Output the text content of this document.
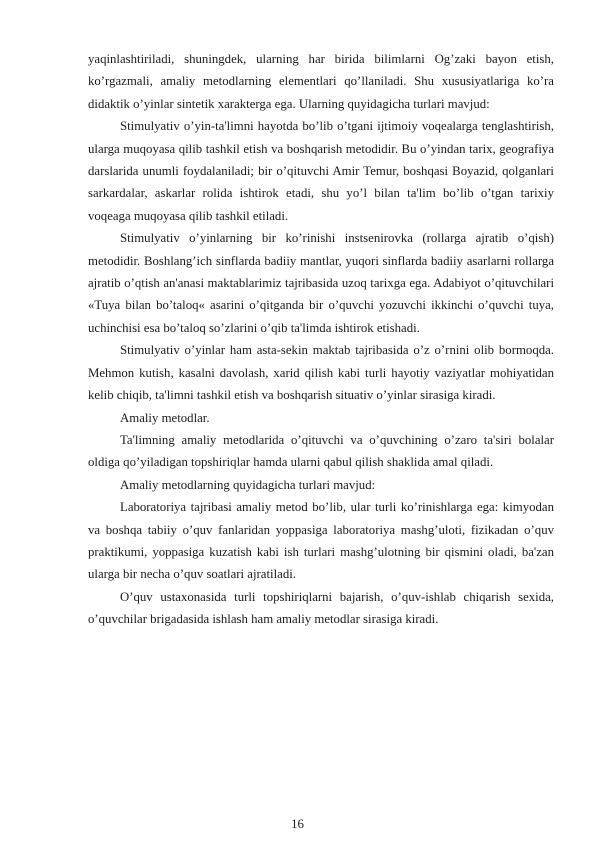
yaqinlashtiriladi, shuningdek, ularning har birida bilimlarni Og’zaki bayon etish, ko’rgazmali, amaliy metodlarning elementlari qo’llaniladi. Shu xususiyatlariga ko’ra didaktik o’yinlar sintetik xarakterga ega. Ularning quyidagicha turlari mavjud:

Stimulyativ o’yin-ta'limni hayotda bo’lib o’tgani ijtimoiy voqealarga tenglashtirish, ularga muqoyasa qilib tashkil etish va boshqarish metodidir. Bu o’yindan tarix, geografiya darslarida unumli foydalaniladi; bir o’qituvchi Amir Temur, boshqasi Boyazid, qolganlari sarkardalar, askarlar rolida ishtirok etadi, shu yo’l bilan ta'lim bo’lib o’tgan tarixiy voqeaga muqoyasa qilib tashkil etiladi.

Stimulyativ o’yinlarning bir ko’rinishi instsenirovka (rollarga ajratib o’qish) metodidir. Boshlang’ich sinflarda badiiy mantlar, yuqori sinflarda badiiy asarlarni rollarga ajratib o’qtish an'anasi maktablarimiz tajribasida uzoq tarixga ega. Adabiyot o’qituvchilari «Tuya bilan bo’taloq« asarini o’qitganda bir o’quvchi yozuvchi ikkinchi o’quvchi tuya, uchinchisi esa bo’taloq so’zlarini o’qib ta'limda ishtirok etishadi.

Stimulyativ o’yinlar ham asta-sekin maktab tajribasida o’z o’rnini olib bormoqda. Mehmon kutish, kasalni davolash, xarid qilish kabi turli hayotiy vaziyatlar mohiyatidan kelib chiqib, ta'limni tashkil etish va boshqarish situativ o’yinlar sirasiga kiradi.

Amaliy metodlar.

Ta'limning amaliy metodlarida o’qituvchi va o’quvchining o’zaro ta'siri bolalar oldiga qo’yiladigan topshiriqlar hamda ularni qabul qilish shaklida amal qiladi.

Amaliy metodlarning quyidagicha turlari mavjud:

Laboratoriya tajribasi amaliy metod bo’lib, ular turli ko’rinishlarga ega: kimyodan va boshqa tabiiy o’quv fanlaridan yoppasiga laboratoriya mashg’uloti, fizikadan o’quv praktikumi, yoppasiga kuzatish kabi ish turlari mashg’ulotning bir qismini oladi, ba'zan ularga bir necha o’quv soatlari ajratiladi.

O’quv ustaxonasida turli topshiriqlarni bajarish, o’quv-ishlab chiqarish sexida, o’quvchilar brigadasida ishlash ham amaliy metodlar sirasiga kiradi.

16
